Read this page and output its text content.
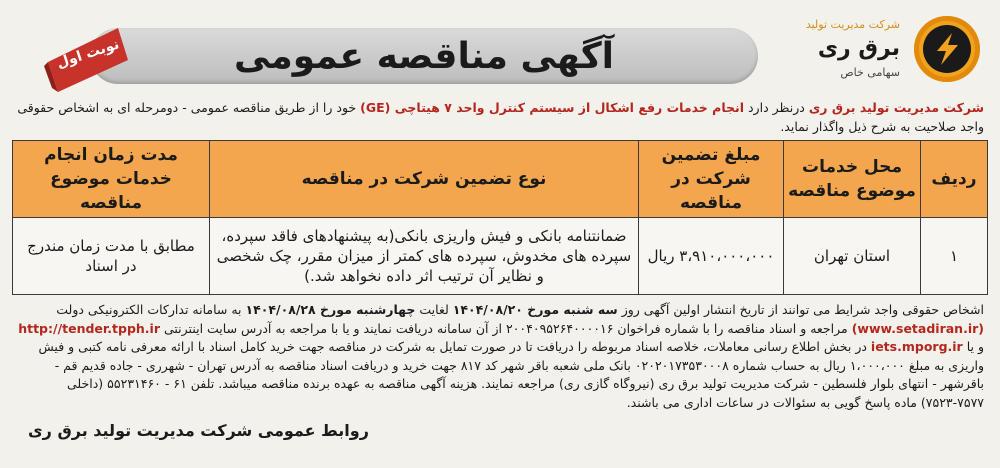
شرکت مدیریت تولید
برق ری
سهامی خاص
آگهی مناقصه عمومی
نوبت اول
شرکت مدیریت تولید برق ری درنظر دارد انجام خدمات رفع اشکال از سیستم کنترل واحد ۷ هیتاچی (GE) خود را از طریق مناقصه عمومی - دومرحله ای به اشخاص حقوقی واجد صلاحیت به شرح ذیل واگذار نماید.
ردیف	محل خدمات موضوع مناقصه	مبلغ تضمین شرکت در مناقصه	نوع تضمین شرکت در مناقصه	مدت زمان انجام خدمات موضوع مناقصه
۱	استان تهران	۳،۹۱۰،۰۰۰،۰۰۰ ریال	ضمانتنامه بانکی و فیش واریزی بانکی(به پیشنهادهای فاقد سپرده، سپرده های مخدوش، سپرده های کمتر از میزان مقرر، چک شخصی و نظایر آن ترتیب اثر داده نخواهد شد.)	مطابق با مدت زمان مندرج در اسناد
اشخاص حقوقی واجد شرایط می توانند از تاریخ انتشار اولین آگهی روز سه شنبه مورخ ۱۴۰۴/۰۸/۲۰ لغایت چهارشنبه مورخ ۱۴۰۴/۰۸/۲۸ به سامانه تدارکات الکترونیکی دولت (www.setadiran.ir) مراجعه و اسناد مناقصه را با شماره فراخوان ۲۰۰۴۰۹۵۲۶۴۰۰۰۰۱۶ از آن سامانه دریافت نمایند و یا با مراجعه به آدرس سایت اینترنتی http://tender.tpph.ir و یا iets.mporg.ir در بخش اطلاع رسانی معاملات، خلاصه اسناد مربوطه را دریافت تا در صورت تمایل به شرکت در مناقصه جهت خرید کامل اسناد با ارائه معرفی نامه کتبی و فیش واریزی به مبلغ ۱،۰۰۰،۰۰۰ ریال به حساب شماره ۰۲۰۲۰۱۷۳۵۳۰۰۰۸ بانک ملی شعبه باقر شهر کد ۸۱۷ جهت خرید و دریافت اسناد مناقصه به آدرس تهران - شهرری - جاده قدیم قم - باقرشهر - انتهای بلوار فلسطین - شرکت مدیریت تولید برق ری (نیروگاه گازی ری) مراجعه نمایند. هزینه آگهی مناقصه به عهده برنده مناقصه میباشد. تلفن ۶۱ - ۵۵۲۳۱۴۶۰ (داخلی ۷۵۷۷-۷۵۲۳) ماده پاسخ گویی به سئوالات در ساعات اداری می باشند.
روابط عمومی شرکت مدیریت تولید برق ری
